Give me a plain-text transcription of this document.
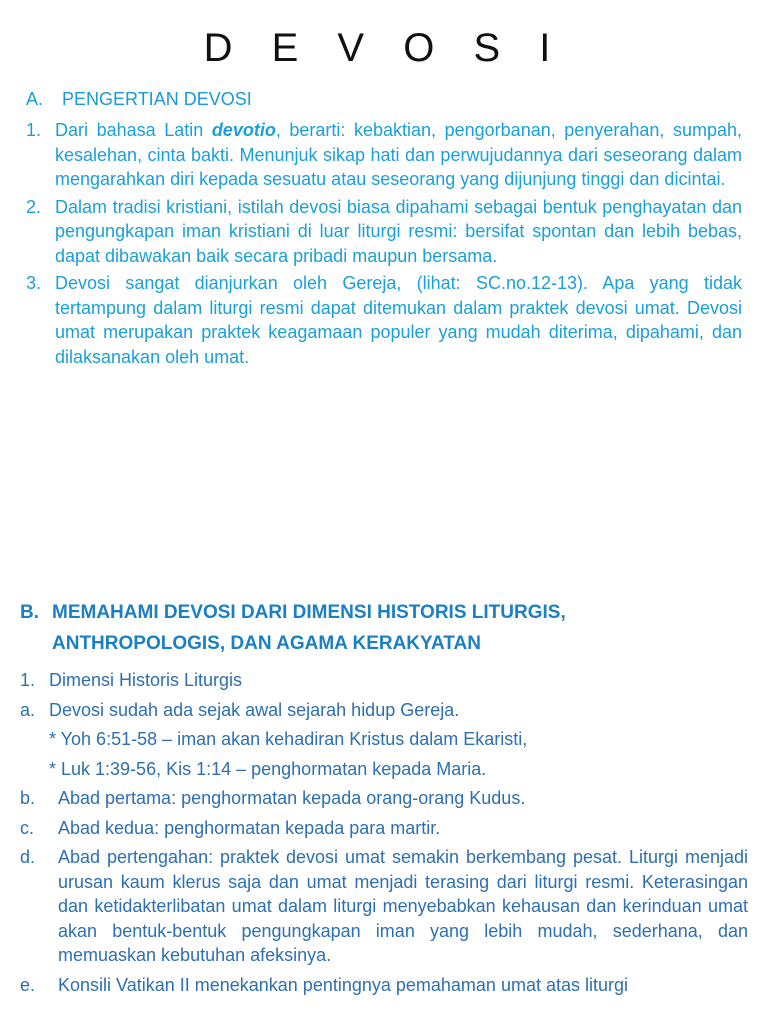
D E V O S I
A. PENGERTIAN DEVOSI
1. Dari bahasa Latin devotio, berarti: kebaktian, pengorbanan, penyerahan, sumpah, kesalehan, cinta bakti. Menunjuk sikap hati dan perwujudannya dari seseorang dalam mengarahkan diri kepada sesuatu atau seseorang yang dijunjung tinggi dan dicintai.
2. Dalam tradisi kristiani, istilah devosi biasa dipahami sebagai bentuk penghayatan dan pengungkapan iman kristiani di luar liturgi resmi: bersifat spontan dan lebih bebas, dapat dibawakan baik secara pribadi maupun bersama.
3. Devosi sangat dianjurkan oleh Gereja, (lihat: SC.no.12-13). Apa yang tidak tertampung dalam liturgi resmi dapat ditemukan dalam praktek devosi umat. Devosi umat merupakan praktek keagamaan populer yang mudah diterima, dipahami, dan dilaksanakan oleh umat.
B. MEMAHAMI DEVOSI DARI DIMENSI HISTORIS LITURGIS,
ANTHROPOLOGIS, DAN AGAMA KERAKYATAN
1. Dimensi Historis Liturgis
a. Devosi sudah ada sejak awal sejarah hidup Gereja.
* Yoh 6:51-58 – iman akan kehadiran Kristus dalam Ekaristi,
* Luk 1:39-56, Kis 1:14 – penghormatan kepada Maria.
b. Abad pertama: penghormatan kepada orang-orang Kudus.
c. Abad kedua: penghormatan kepada para martir.
d. Abad pertengahan: praktek devosi umat semakin berkembang pesat. Liturgi menjadi urusan kaum klerus saja dan umat menjadi terasing dari liturgi resmi. Keterasingan dan ketidakterlibatan umat dalam liturgi menyebabkan kehausan dan kerinduan umat akan bentuk-bentuk pengungkapan iman yang lebih mudah, sederhana, dan memuaskan kebutuhan afeksinya.
e. Konsili Vatikan II menekankan pentingnya pemahaman umat atas liturgi
